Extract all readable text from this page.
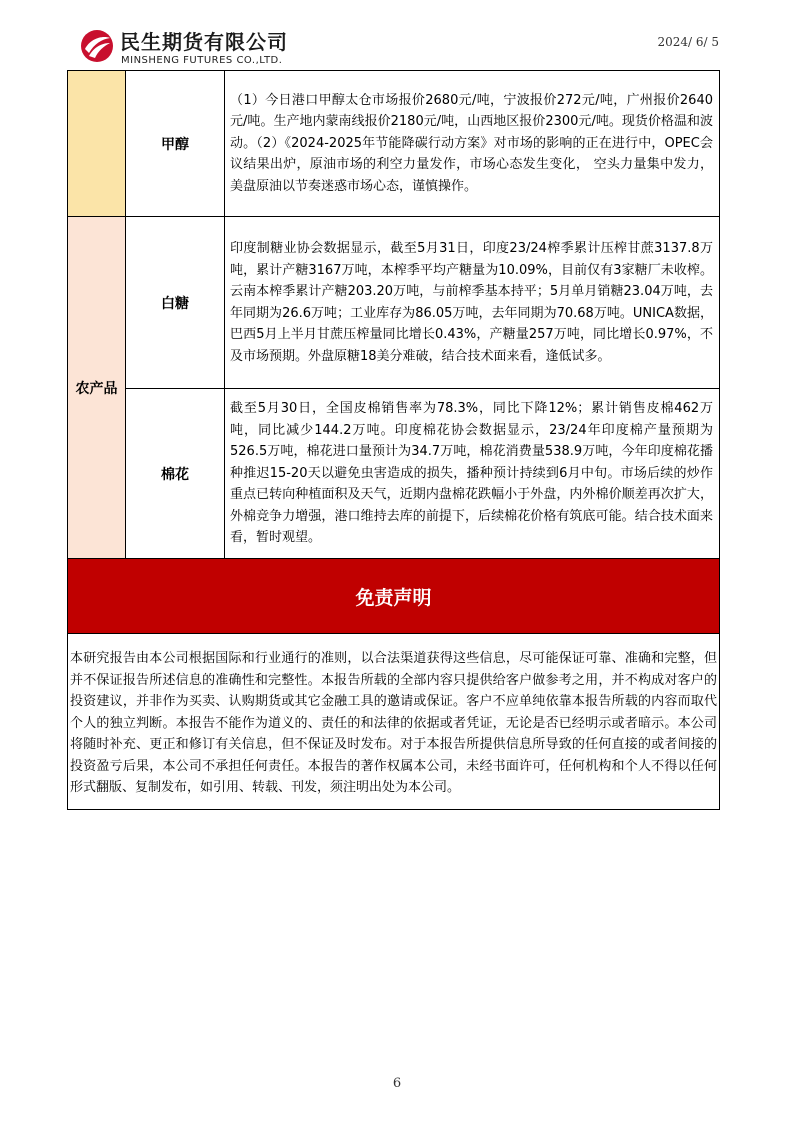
民生期货有限公司
MINSHENG FUTURES CO.,LTD.
2024/ 6/ 5
	甲醇	（1）今日港口甲醇太仓市场报价2680元/吨，宁波报价272元/吨，广州报价2640元/吨。生产地内蒙南线报价2180元/吨，山西地区报价2300元/吨。现货价格温和波动。（2）《2024-2025年节能降碳行动方案》对市场的影响的正在进行中，OPEC会议结果出炉，原油市场的利空力量发作，市场心态发生变化， 空头力量集中发力，美盘原油以节奏迷惑市场心态，谨慎操作。
农产品	白糖	印度制糖业协会数据显示，截至5月31日，印度23/24榨季累计压榨甘蔗3137.8万吨，累计产糖3167万吨，本榨季平均产糖量为10.09%，目前仅有3家糖厂未收榨。云南本榨季累计产糖203.20万吨，与前榨季基本持平；5月单月销糖23.04万吨，去年同期为26.6万吨；工业库存为86.05万吨，去年同期为70.68万吨。UNICA数据，巴西5月上半月甘蔗压榨量同比增长0.43%，产糖量257万吨，同比增长0.97%，不及市场预期。外盘原糖18美分难破，结合技术面来看，逢低试多。
	棉花	截至5月30日，全国皮棉销售率为78.3%，同比下降12%；累计销售皮棉462万吨，同比减少144.2万吨。印度棉花协会数据显示，23/24年印度棉产量预期为526.5万吨，棉花进口量预计为34.7万吨，棉花消费量538.9万吨，今年印度棉花播种推迟15-20天以避免虫害造成的损失，播种预计持续到6月中旬。市场后续的炒作重点已转向种植面积及天气，近期内盘棉花跌幅小于外盘，内外棉价顺差再次扩大，外棉竞争力增强，港口维持去库的前提下，后续棉花价格有筑底可能。结合技术面来看，暂时观望。
免责声明		

本研究报告由本公司根据国际和行业通行的准则，以合法渠道获得这些信息，尽可能保证可靠、准确和完整，但并不保证报告所述信息的准确性和完整性。本报告所载的全部内容只提供给客户做参考之用，并不构成对客户的投资建议，并非作为买卖、认购期货或其它金融工具的邀请或保证。客户不应单纯依靠本报告所载的内容而取代个人的独立判断。本报告不能作为道义的、责任的和法律的依据或者凭证，无论是否已经明示或者暗示。本公司将随时补充、更正和修订有关信息，但不保证及时发布。对于本报告所提供信息所导致的任何直接的或者间接的投资盈亏后果，本公司不承担任何责任。本报告的著作权属本公司，未经书面许可，任何机构和个人不得以任何形式翻版、复制发布，如引用、转载、刊发，须注明出处为本公司。		
6
